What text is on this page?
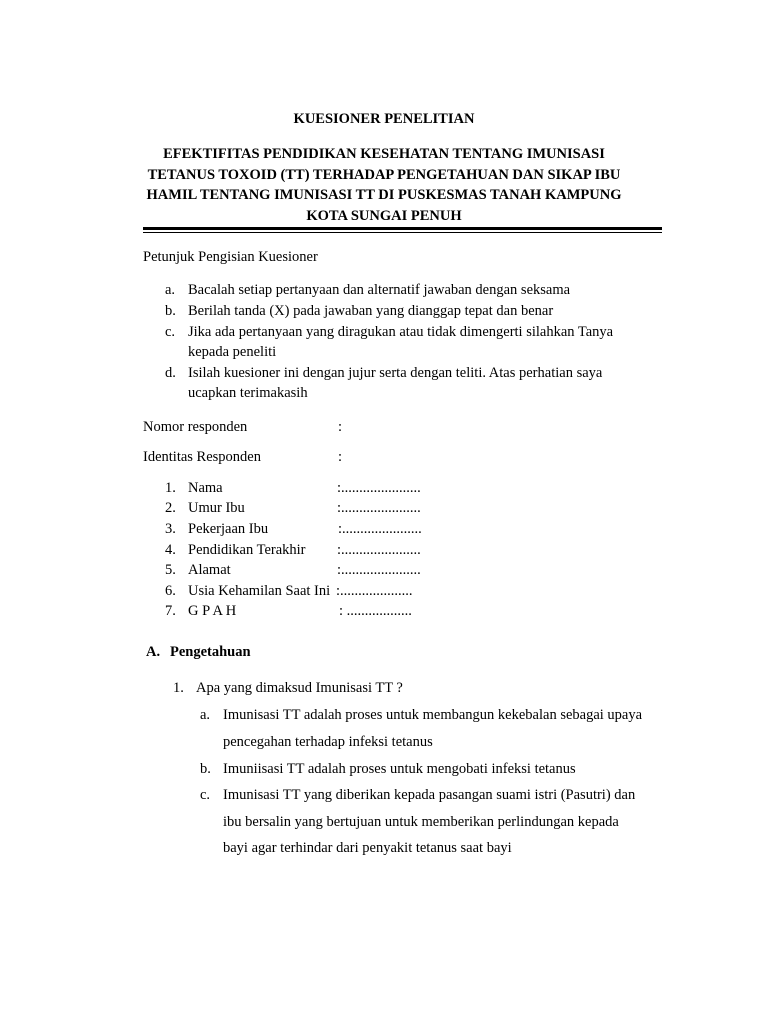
KUESIONER PENELITIAN
EFEKTIFITAS PENDIDIKAN KESEHATAN TENTANG IMUNISASI
TETANUS TOXOID (TT) TERHADAP PENGETAHUAN DAN SIKAP IBU
HAMIL TENTANG IMUNISASI TT DI PUSKESMAS TANAH KAMPUNG
KOTA SUNGAI PENUH
Petunjuk Pengisian Kuesioner
a. Bacalah setiap pertanyaan dan alternatif jawaban dengan seksama
b. Berilah tanda (X) pada jawaban yang dianggap tepat dan benar
c. Jika ada pertanyaan yang diragukan atau tidak dimengerti silahkan Tanya
kepada peneliti
d. Isilah kuesioner ini dengan jujur serta dengan teliti. Atas perhatian saya
ucapkan terimakasih
Nomor responden	:
Identitas Responden	:
1. Nama	:......................
2. Umur Ibu	:......................
3. Pekerjaan Ibu	:......................
4. Pendidikan Terakhir :......................
5. Alamat	:......................
6. Usia Kehamilan Saat Ini :....................
7. G P A H	: ..................
A. Pengetahuan
1. Apa yang dimaksud Imunisasi TT ?
a. Imunisasi TT adalah proses untuk membangun kekebalan sebagai upaya
pencegahan terhadap infeksi tetanus
b. Imuniisasi TT adalah proses untuk mengobati infeksi tetanus
c. Imunisasi TT yang diberikan kepada pasangan suami istri (Pasutri) dan
ibu bersalin yang bertujuan untuk memberikan perlindungan kepada
bayi agar terhindar dari penyakit tetanus saat bayi
